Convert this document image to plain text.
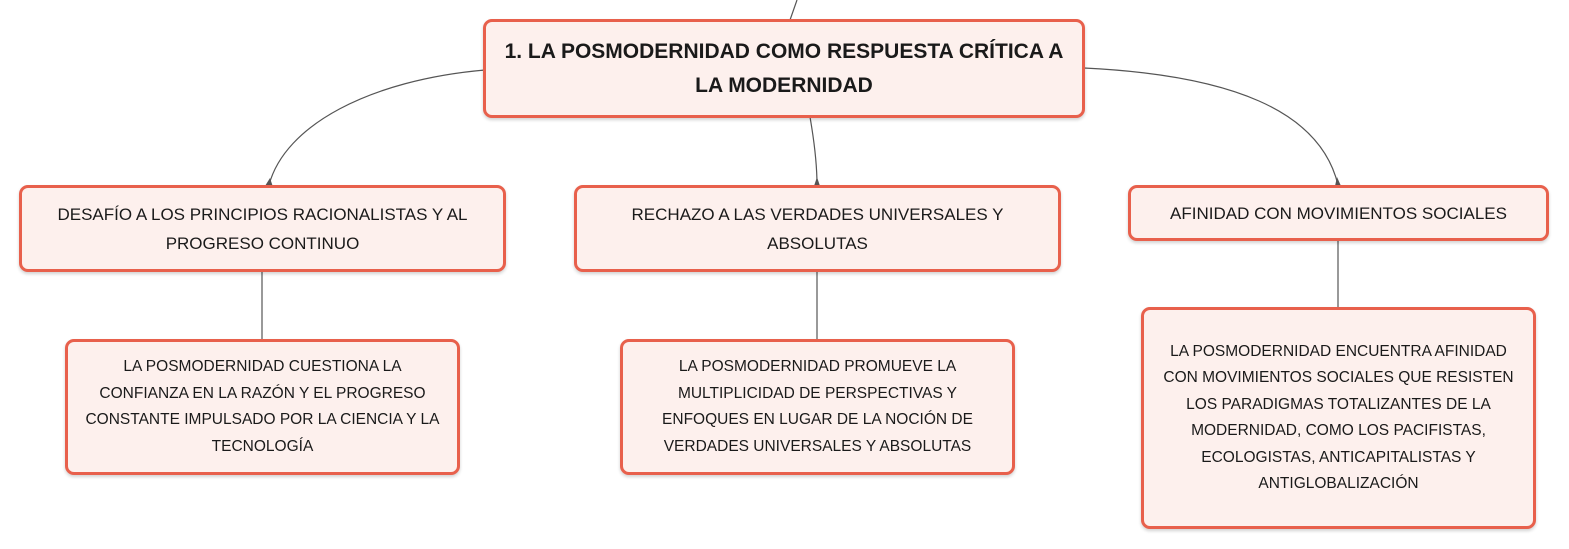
1. LA POSMODERNIDAD COMO RESPUESTA CRÍTICA A LA MODERNIDAD
DESAFÍO A LOS PRINCIPIOS RACIONALISTAS Y AL PROGRESO CONTINUO
RECHAZO A LAS VERDADES UNIVERSALES Y ABSOLUTAS
AFINIDAD CON MOVIMIENTOS SOCIALES
LA POSMODERNIDAD CUESTIONA LA CONFIANZA EN LA RAZÓN Y EL PROGRESO CONSTANTE IMPULSADO POR LA CIENCIA Y LA TECNOLOGÍA
LA POSMODERNIDAD PROMUEVE LA MULTIPLICIDAD DE PERSPECTIVAS Y ENFOQUES EN LUGAR DE LA NOCIÓN DE VERDADES UNIVERSALES Y ABSOLUTAS
LA POSMODERNIDAD ENCUENTRA AFINIDAD CON MOVIMIENTOS SOCIALES QUE RESISTEN LOS PARADIGMAS TOTALIZANTES DE LA MODERNIDAD, COMO LOS PACIFISTAS, ECOLOGISTAS, ANTICAPITALISTAS Y ANTIGLOBALIZACIÓN
